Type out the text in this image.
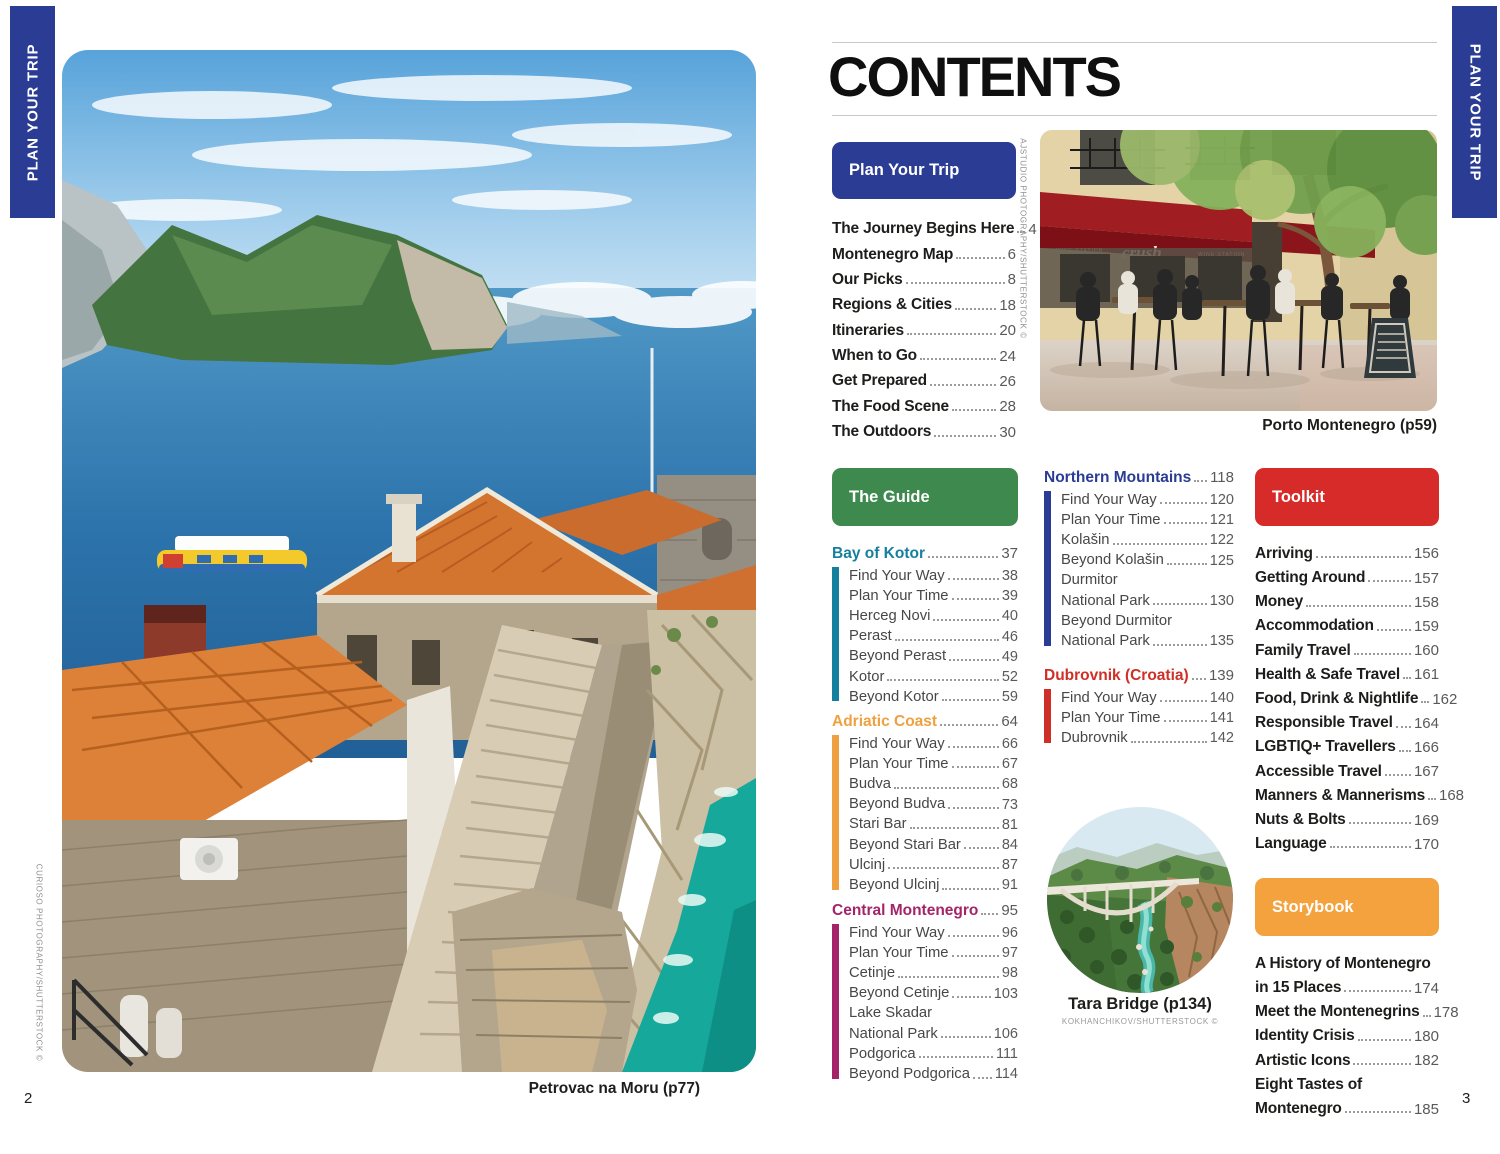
PLAN YOUR TRIP	PLAN YOUR TRIP
CURIOSO PHOTOGRAPHY/SHUTTERSTOCK ©
Petrovac na Moru (p77)
2	3
CONTENTS
Plan Your Trip
The Guide	Toolkit
Storybook
The Journey Begins Here 4
Montenegro Map	6
Our Picks	8
Regions & Cities	18
Itineraries	20
When to Go	24
Get Prepared	26
The Food Scene	28
The Outdoors	30
AJSTUDIO PHOTOGRAPHY/SHUTTERSTOCK ©
Porto Montenegro (p59)
Bay of Kotor	37
Find Your Way	38
Plan Your Time	39
Herceg Novi	40
Perast	46
Beyond Perast	49
Kotor	52
Beyond Kotor	59
Adriatic Coast	64
Find Your Way	66
Plan Your Time	67
Budva	68
Beyond Budva	73
Stari Bar	81
Beyond Stari Bar	84
Ulcinj	87
Beyond Ulcinj	91
Central Montenegro 95
Find Your Way	96
Plan Your Time	97
Cetinje	98
Beyond Cetinje	103
Lake Skadar
National Park	106
Podgorica	111
Beyond Podgorica 114
Northern Mountains 118
Find Your Way	120
Plan Your Time	121
Kolašin	122
Beyond Kolašin	125
Durmitor
National Park	130
Beyond Durmitor
National Park	135
Dubrovnik (Croatia) 139
Find Your Way	140
Plan Your Time	141
Dubrovnik	142
Tara Bridge (p134)
KOKHANCHIKOV/SHUTTERSTOCK ©
Arriving	156
Getting Around	157
Money	158
Accommodation	159
Family Travel	160
Health & Safe Travel 161
Food, Drink & Nightlife 162
Responsible Travel 164
LGBTIQ+ Travellers 166
Accessible Travel 167
Manners & Mannerisms 168
Nuts & Bolts	169
Language	170
A History of Montenegro
in 15 Places	174
Meet the Montenegrins 178
Identity Crisis	180
Artistic Icons	182
Eight Tastes of
Montenegro	185
